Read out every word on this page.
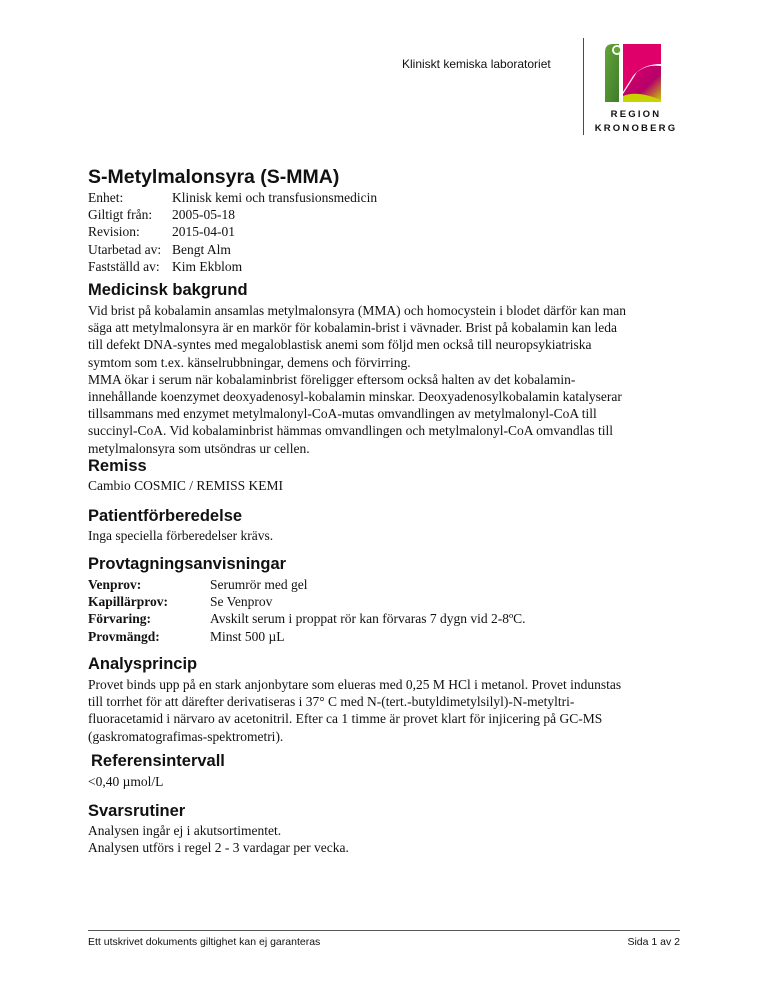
Kliniskt kemiska laboratoriet
REGION
KRONOBERG
S-Metylmalonsyra (S-MMA)
Enhet:	Klinisk kemi och transfusionsmedicin
Giltigt från:	2005-05-18
Revision:	2015-04-01
Utarbetad av: Bengt Alm
Fastställd av: Kim Ekblom
Medicinsk bakgrund

Vid brist på kobalamin ansamlas metylmalonsyra (MMA) och homocystein i blodet därför kan man

säga att metylmalonsyra är en markör för kobalamin-brist i vävnader. Brist på kobalamin kan leda

till defekt DNA-syntes med megaloblastisk anemi som följd men också till neuropsykiatriska

symtom som t.ex. känselrubbningar, demens och förvirring.

MMA ökar i serum när kobalaminbrist föreligger eftersom också halten av det kobalamin-

innehållande koenzymet deoxyadenosyl-kobalamin minskar. Deoxyadenosylkobalamin katalyserar

tillsammans med enzymet metylmalonyl-CoA-mutas omvandlingen av metylmalonyl-CoA till

succinyl-CoA. Vid kobalaminbrist hämmas omvandlingen och metylmalonyl-CoA omvandlas till

metylmalonsyra som utsöndras ur cellen.

Remiss
Cambio COSMIC / REMISS KEMI
Patientförberedelse
Inga speciella förberedelser krävs.
Provtagningsanvisningar
Venprov:	Serumrör med gel
Kapillärprov:	Se Venprov
Förvaring:	Avskilt serum i proppat rör kan förvaras 7 dygn vid 2-8ºC.
Provmängd:	Minst 500 µL
Analysprincip

Provet binds upp på en stark anjonbytare som elueras med 0,25 M HCl i metanol. Provet indunstas

till torrhet för att därefter derivatiseras i 37° C med N-(tert.-butyldimetylsilyl)-N-metyltri-

fluoracetamid i närvaro av acetonitril. Efter ca 1 timme är provet klart för injicering på GC-MS

(gaskromatografimas-spektrometri).

Referensintervall
<0,40 µmol/L
Svarsrutiner

Analysen ingår ej i akutsortimentet.

Analysen utförs i regel 2 - 3 vardagar per vecka.

Ett utskrivet dokuments giltighet kan ej garanteras	Sida 1 av 2
